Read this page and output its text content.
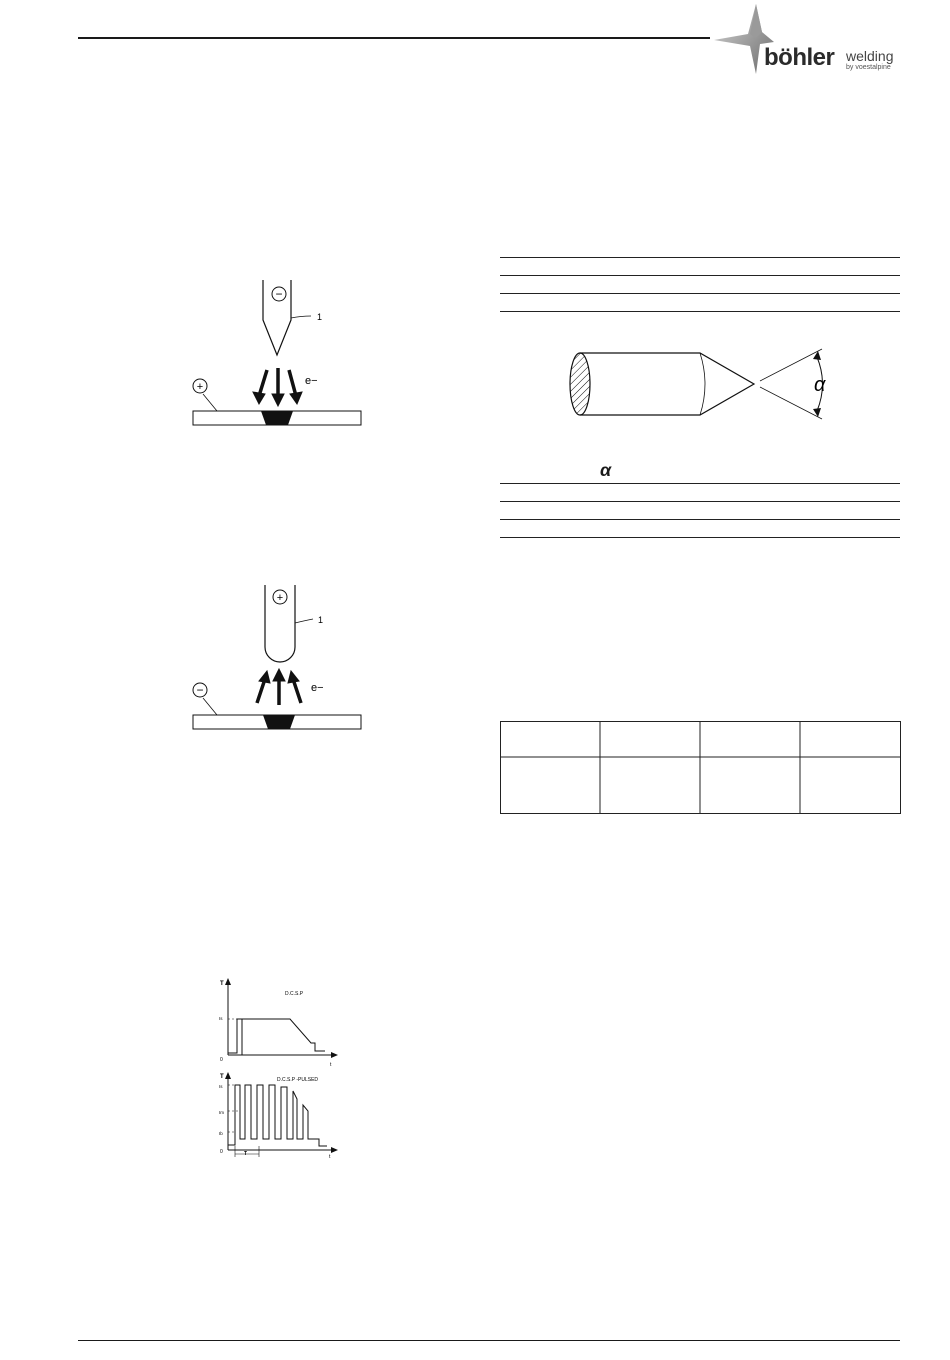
böhler welding
by voestalpine
−
1
e−
+
+
1
e−
−
α
α
T
0
t
Is
D.C.S.P
T
0
t
Is
Im
Ib
D.C.S.P -PULSED
T
